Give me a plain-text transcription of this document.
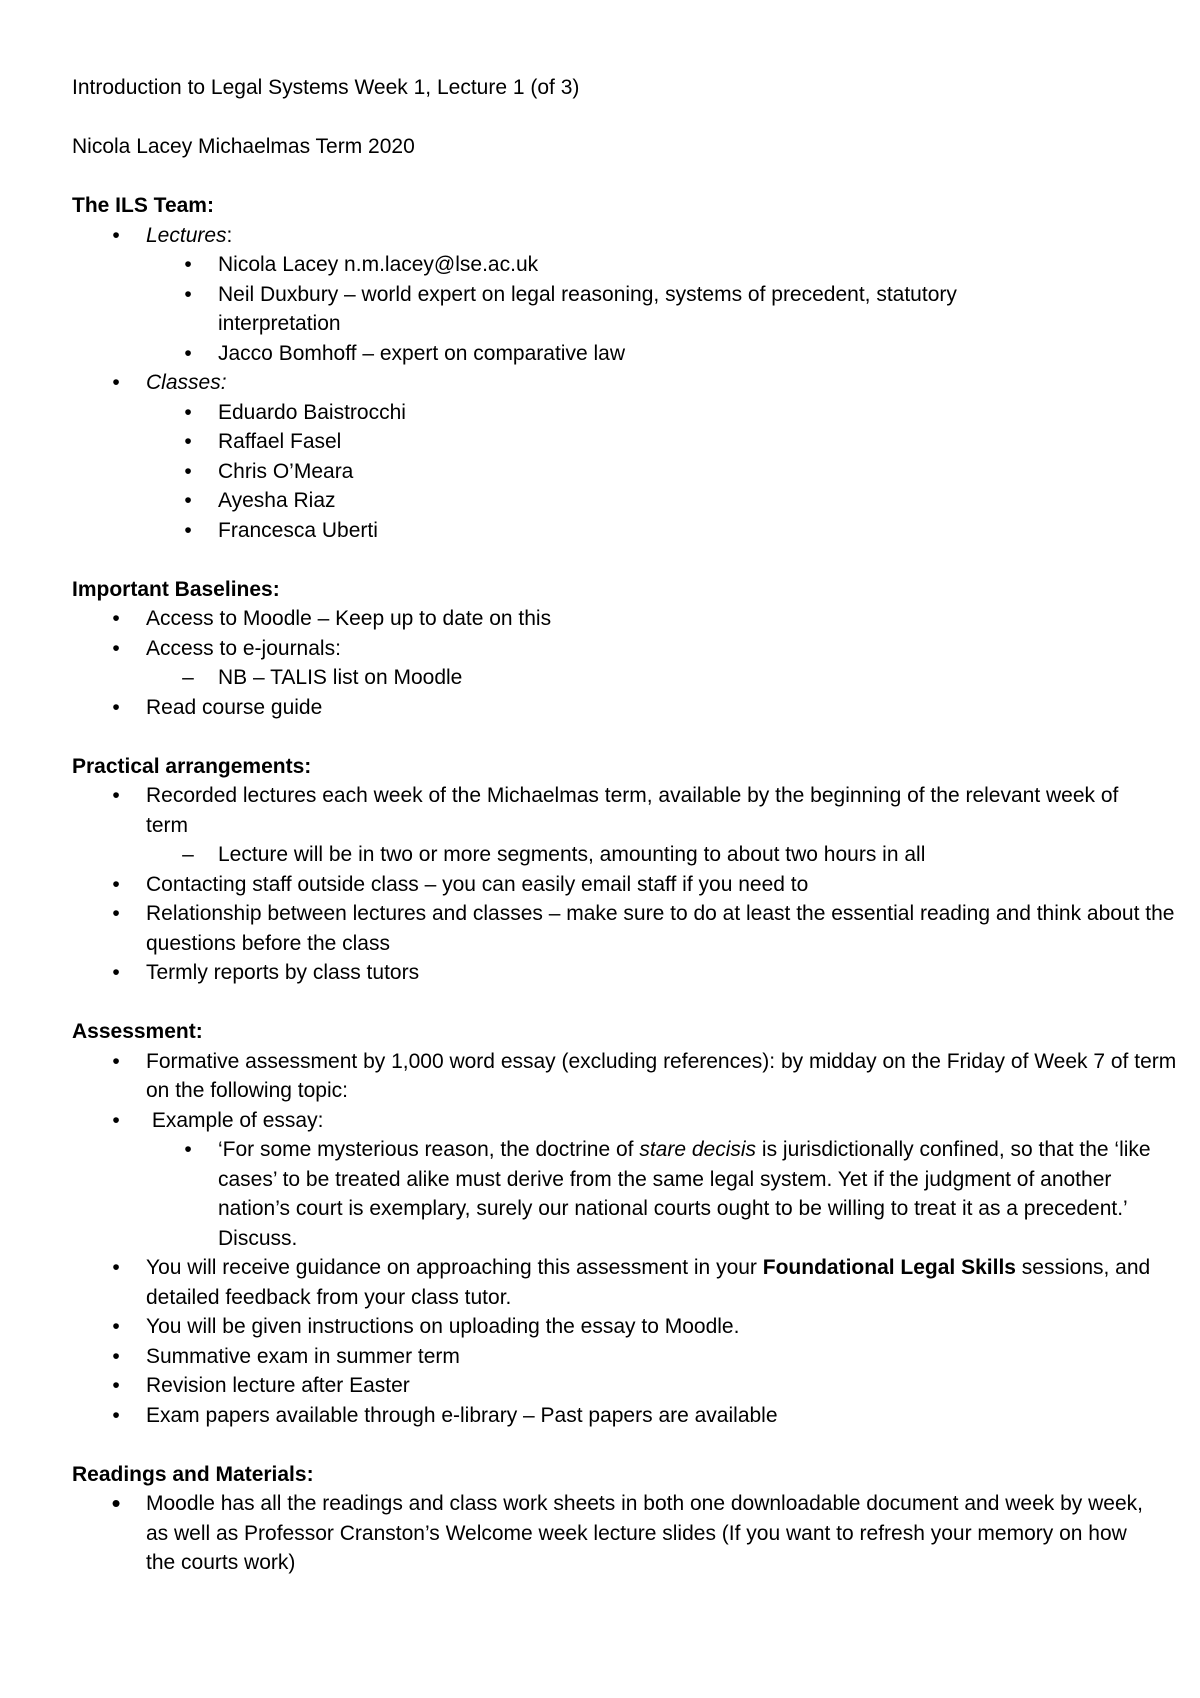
Introduction to Legal Systems Week 1, Lecture 1 (of 3)

Nicola Lacey Michaelmas Term 2020

The ILS Team:

•	Lectures:
•	Nicola Lacey n.m.lacey@lse.ac.uk
•	Neil Duxbury – world expert on legal reasoning, systems of precedent, statutory interpretation
•	Jacco Bomhoff – expert on comparative law
•	Classes:
•	Eduardo Baistrocchi
•	Raffael Fasel
•	Chris O’Meara
•	Ayesha Riaz
•	Francesca Uberti

Important Baselines:

•	Access to Moodle – Keep up to date on this
•	Access to e-journals:
– NB – TALIS list on Moodle
•	Read course guide

Practical arrangements:

•	Recorded lectures each week of the Michaelmas term, available by the beginning of the relevant week of term
– Lecture will be in two or more segments, amounting to about two hours in all
•	Contacting staff outside class – you can easily email staff if you need to
•	Relationship between lectures and classes – make sure to do at least the essential reading and think about the questions before the class
•	Termly reports by class tutors

Assessment:

•	Formative assessment by 1,000 word essay (excluding references): by midday on the Friday of Week 7 of term on the following topic:
•	Example of essay:
•	‘For some mysterious reason, the doctrine of stare decisis is jurisdictionally confined, so that the ‘like cases’ to be treated alike must derive from the same legal system. Yet if the judgment of another nation’s court is exemplary, surely our national courts ought to be willing to treat it as a precedent.’ Discuss.
•	You will receive guidance on approaching this assessment in your Foundational Legal Skills sessions, and detailed feedback from your class tutor.
•	You will be given instructions on uploading the essay to Moodle.
•	Summative exam in summer term
•	Revision lecture after Easter
•	Exam papers available through e-library – Past papers are available

Readings and Materials:

• Moodle has all the readings and class work sheets in both one downloadable document and week by week, as well as Professor Cranston’s Welcome week lecture slides (If you want to refresh your memory on how the courts work)
